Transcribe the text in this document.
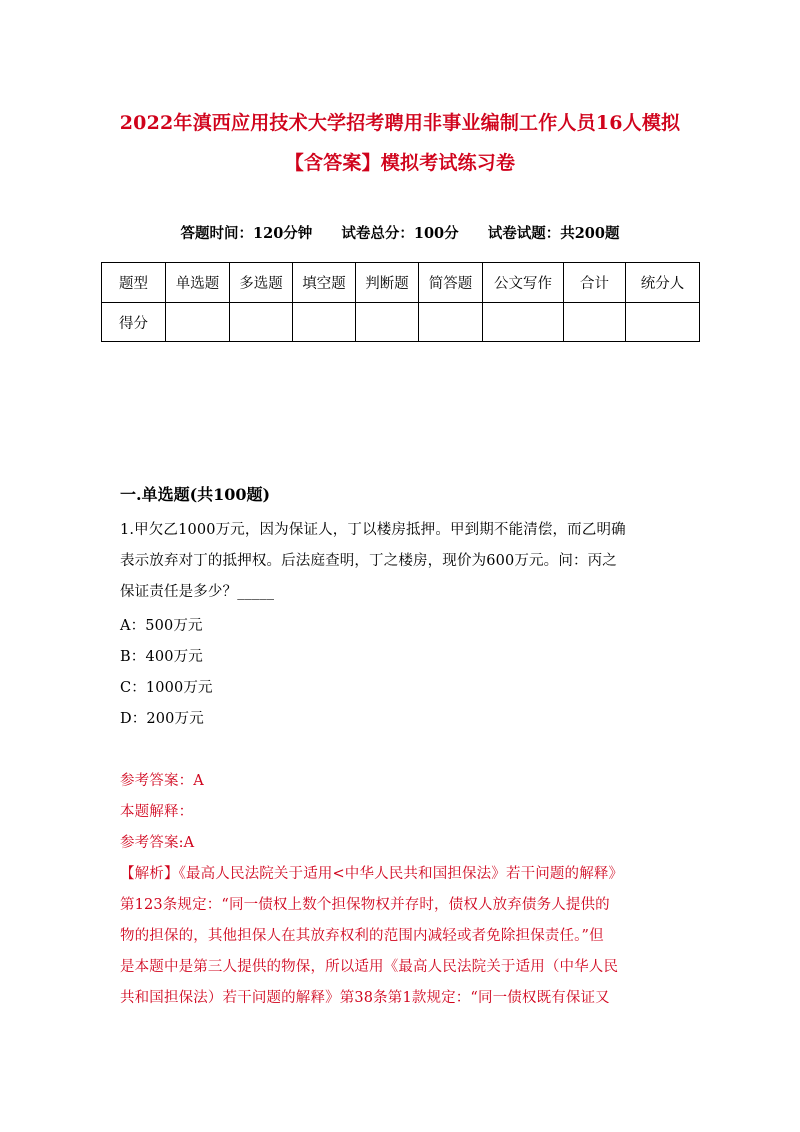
2022年滇西应用技术大学招考聘用非事业编制工作人员16人模拟
【含答案】模拟考试练习卷
答题时间：120分钟 试卷总分：100分 试卷试题：共200题
题型	单选题	多选题	填空题	判断题	简答题	公文写作	合计	统分人
得分								
一.单选题(共100题)
1.甲欠乙1000万元，因为保证人，丁以楼房抵押。甲到期不能清偿，而乙明确
表示放弃对丁的抵押权。后法庭查明，丁之楼房，现价为600万元。问：丙之
保证责任是多少？_____
A：500万元
B：400万元
C：1000万元
D：200万元
参考答案：A
本题解释：
参考答案:A
【解析】《最高人民法院关于适用<中华人民共和国担保法》若干问题的解释》
第123条规定：“同一债权上数个担保物权并存时，债权人放弃债务人提供的
物的担保的，其他担保人在其放弃权利的范围内减轻或者免除担保责任。”但
是本题中是第三人提供的物保，所以适用《最高人民法院关于适用（中华人民
共和国担保法）若干问题的解释》第38条第1款规定：“同一债权既有保证又
